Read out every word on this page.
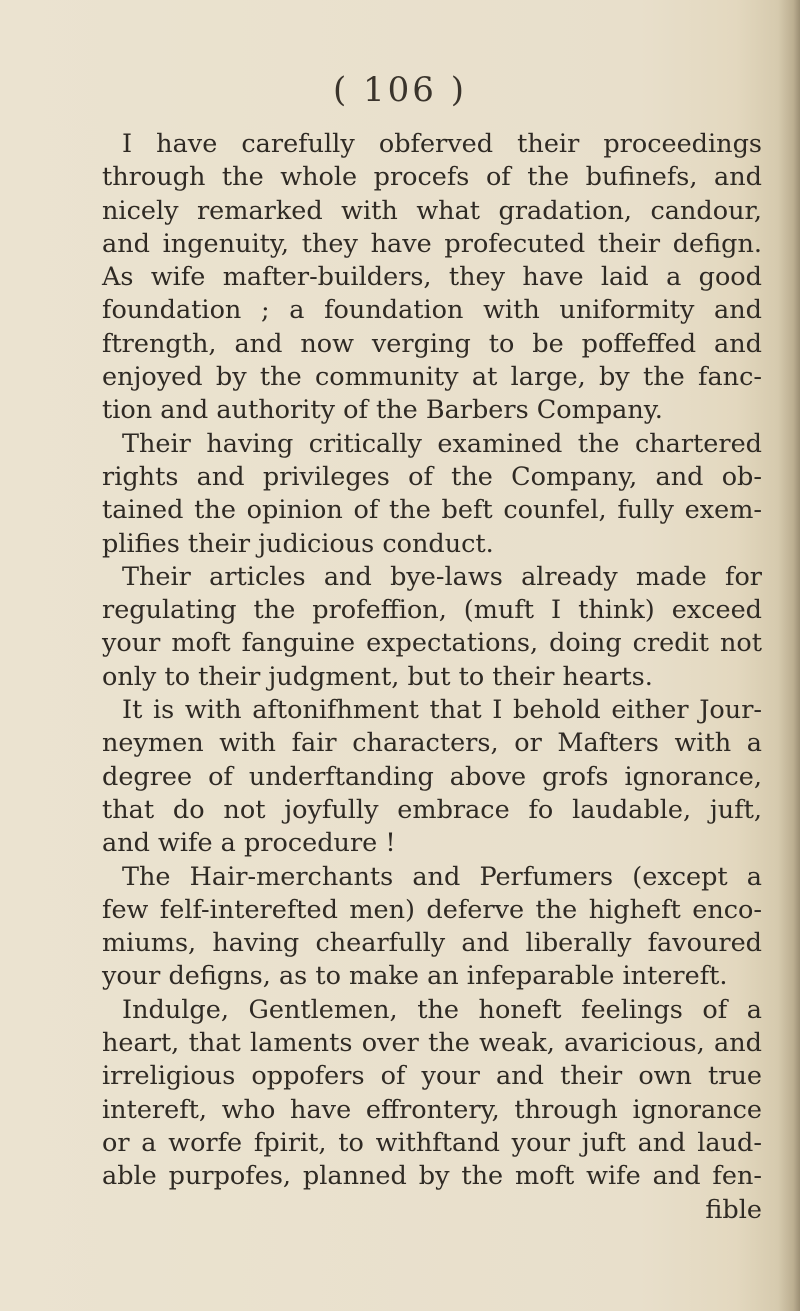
( 106 )
I have carefully obferved their proceedings
through the whole procefs of the bufinefs, and
nicely remarked with what gradation, candour,
and ingenuity, they have profecuted their defign.
As wife mafter-builders, they have laid a good
foundation ; a foundation with uniformity and
ftrength, and now verging to be poffeffed and
enjoyed by the community at large, by the fanc-
tion and authority of the Barbers Company.
Their having critically examined the chartered
rights and privileges of the Company, and ob-
tained the opinion of the beft counfel, fully exem-
plifies their judicious conduct.
Their articles and bye-laws already made for
regulating the profeffion, (muft I think) exceed
your moft fanguine expectations, doing credit not
only to their judgment, but to their hearts.
It is with aftonifhment that I behold either Jour-
neymen with fair characters, or Mafters with a
degree of underftanding above grofs ignorance,
that do not joyfully embrace fo laudable, juft,
and wife a procedure !
The Hair-merchants and Perfumers (except a
few felf-interefted men) deferve the higheft enco-
miums, having chearfully and liberally favoured
your defigns, as to make an infeparable intereft.
Indulge, Gentlemen, the honeft feelings of a
heart, that laments over the weak, avaricious, and
irreligious oppofers of your and their own true
intereft, who have effrontery, through ignorance
or a worfe fpirit, to withftand your juft and laud-
able purpofes, planned by the moft wife and fen-
fible
